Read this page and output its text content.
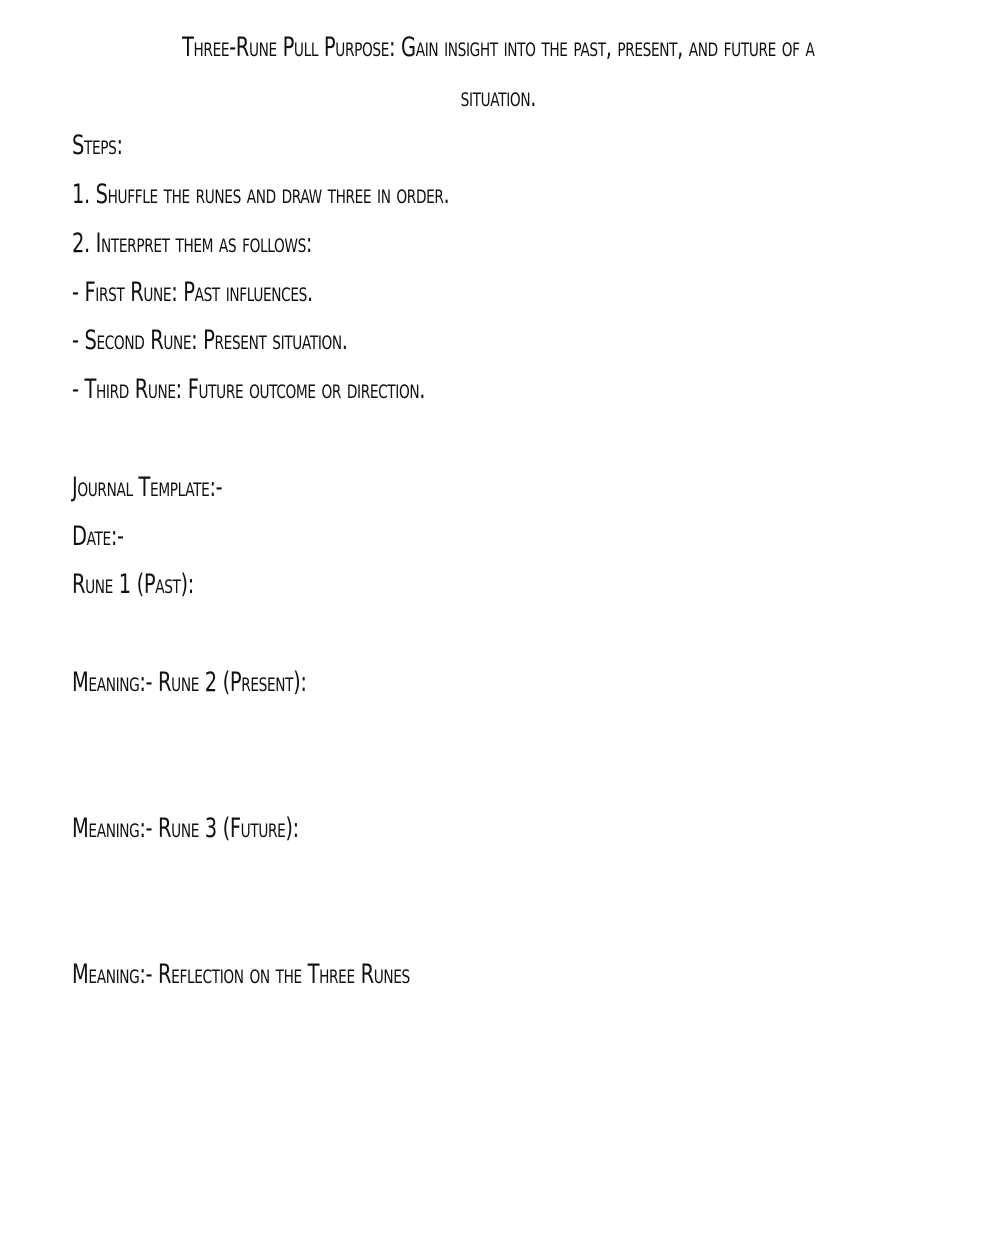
Three-Rune Pull Purpose: Gain insight into the past, present, and future of a
situation.

Steps:

1. Shuffle the runes and draw three in order.

2. Interpret them as follows:

- First Rune: Past influences.

- Second Rune: Present situation.

- Third Rune: Future outcome or direction.

Journal Template:-

Date:-

Rune 1 (Past):

Meaning:- Rune 2 (Present):

Meaning:- Rune 3 (Future):

Meaning:- Reflection on the Three Runes
